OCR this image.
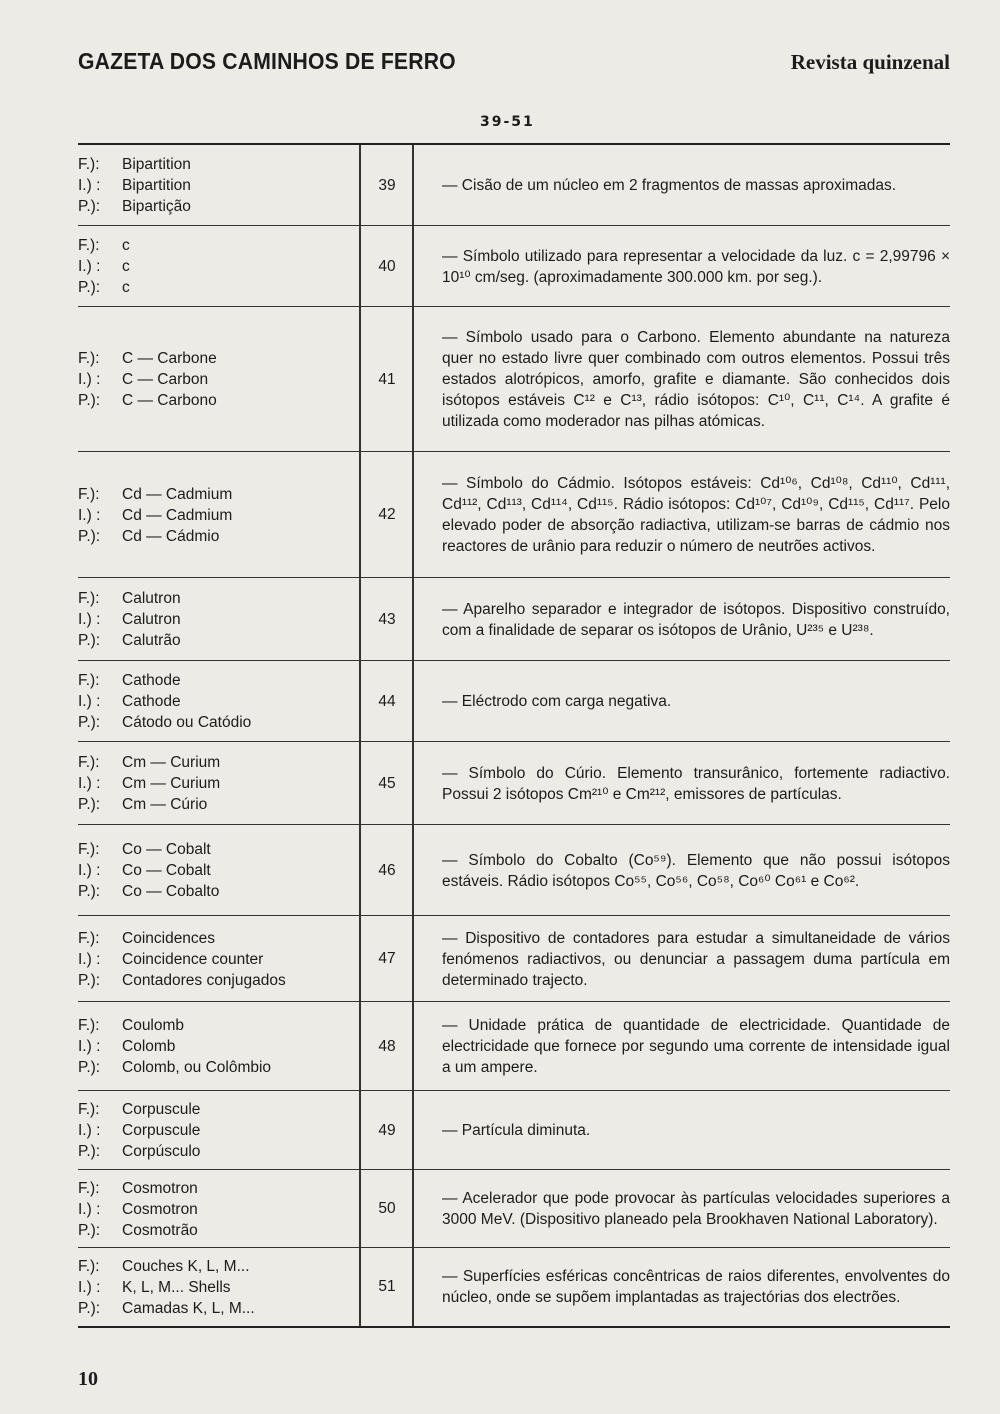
GAZETA DOS CAMINHOS DE FERRO	Revista quinzenal
39-51
F.):	Bipartition
I.) :	Bipartition
P.):	Bipartição
39	— Cisão de um núcleo em 2 fragmentos de massas aproximadas.
F.):	c
I.) :	c
P.):	c
40
— Símbolo utilizado para representar a velocidade da luz. c = 2,99796 × 10¹⁰ cm/seg. (aproximadamente 300.000 km. por seg.).
F.):	C — Carbone
I.) :	C — Carbon
P.):	C — Carbono
41
— Símbolo usado para o Carbono. Elemento abundante na natureza quer no estado livre quer combinado com outros elementos. Possui três estados alotrópicos, amorfo, grafite e diamante. São conhecidos dois isótopos estáveis C¹² e C¹³, rádio isótopos: C¹⁰, C¹¹, C¹⁴. A grafite é utilizada como moderador nas pilhas atómicas.
F.):	Cd — Cadmium
I.) :	Cd — Cadmium
P.):	Cd — Cádmio
42
— Símbolo do Cádmio. Isótopos estáveis: Cd¹⁰⁶, Cd¹⁰⁸, Cd¹¹⁰, Cd¹¹¹, Cd¹¹², Cd¹¹³, Cd¹¹⁴, Cd¹¹⁵. Rádio isótopos: Cd¹⁰⁷, Cd¹⁰⁹, Cd¹¹⁵, Cd¹¹⁷. Pelo elevado poder de absorção radiactiva, utilizam-se barras de cádmio nos reactores de urânio para reduzir o número de neutrões activos.
F.):	Calutron
I.) :	Calutron
P.):	Calutrão
43
— Aparelho separador e integrador de isótopos. Dispositivo construído, com a finalidade de separar os isótopos de Urânio, U²³⁵ e U²³⁸.
F.):	Cathode
I.) :	Cathode
P.):	Cátodo ou Catódio
44	— Eléctrodo com carga negativa.
F.):	Cm — Curium
I.) :	Cm — Curium
P.):	Cm — Cúrio
45
— Símbolo do Cúrio. Elemento transurânico, fortemente radiactivo. Possui 2 isótopos Cm²¹⁰ e Cm²¹², emissores de partículas.
F.):	Co — Cobalt
I.) :	Co — Cobalt
P.):	Co — Cobalto
46
— Símbolo do Cobalto (Co⁵⁹). Elemento que não possui isótopos estáveis. Rádio isótopos Co⁵⁵, Co⁵⁶, Co⁵⁸, Co⁶⁰ Co⁶¹ e Co⁶².
F.):	Coincidences
I.) :	Coincidence counter
P.):	Contadores conjugados
47
— Dispositivo de contadores para estudar a simultaneidade de vários fenómenos radiactivos, ou denunciar a passagem duma partícula em determinado trajecto.
F.):	Coulomb
I.) :	Colomb
P.):	Colomb, ou Colômbio
48
— Unidade prática de quantidade de electricidade. Quantidade de electricidade que fornece por segundo uma corrente de intensidade igual a um ampere.
F.):	Corpuscule
I.) :	Corpuscule
P.):	Corpúsculo
49	— Partícula diminuta.
F.):	Cosmotron
I.) :	Cosmotron
P.):	Cosmotrão
50
— Acelerador que pode provocar às partículas velocidades superiores a 3000 MeV. (Dispositivo planeado pela Brookhaven National Laboratory).
F.):	Couches K, L, M...
I.) :	K, L, M... Shells
P.):	Camadas K, L, M...
51
— Superfícies esféricas concêntricas de raios diferentes, envolventes do núcleo, onde se supõem implantadas as trajectórias dos electrões.
10
